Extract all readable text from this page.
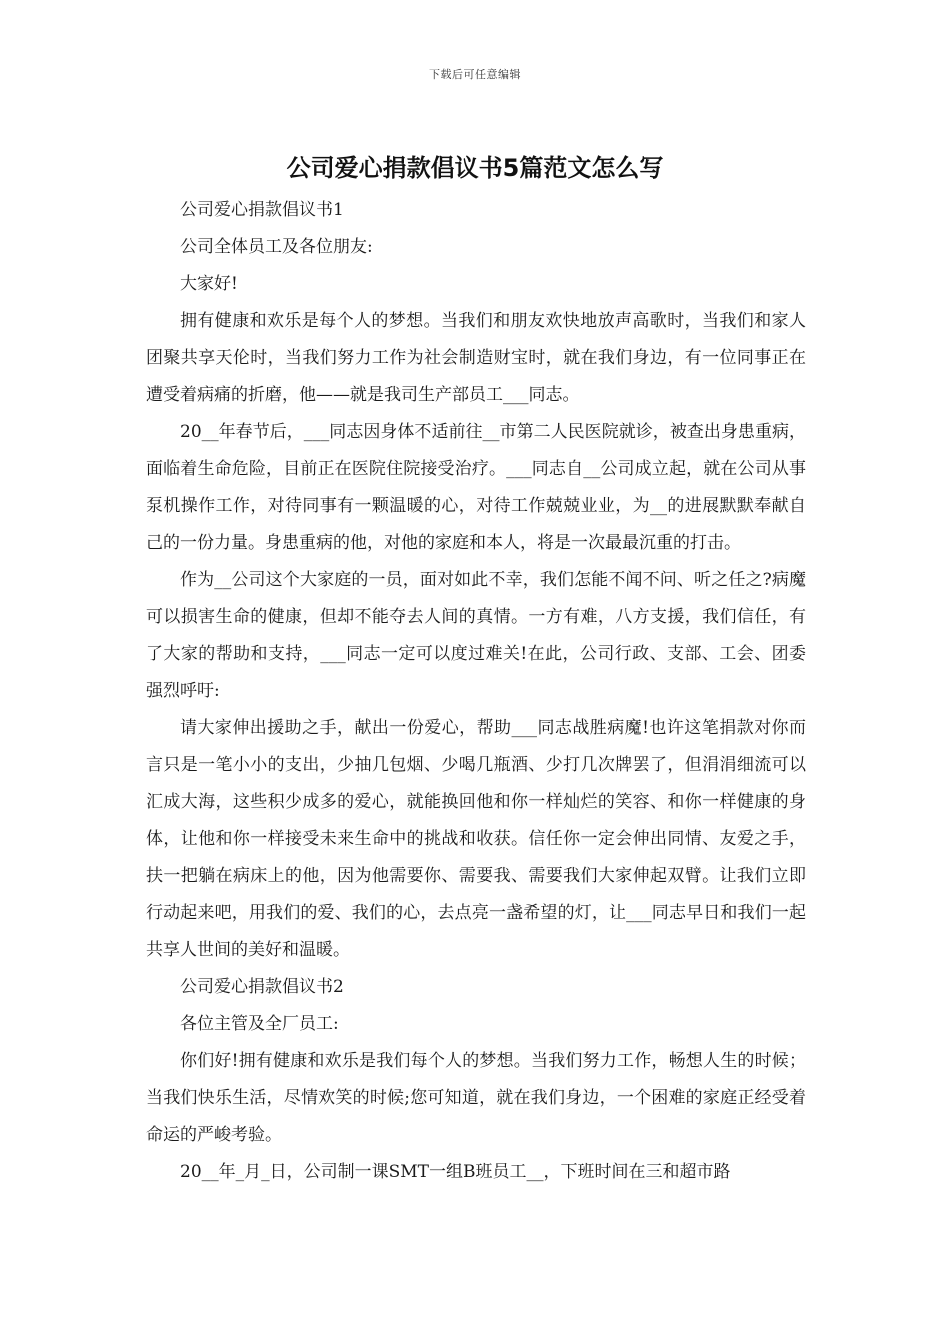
下载后可任意编辑
公司爱心捐款倡议书5篇范文怎么写

公司爱心捐款倡议书1

公司全体员工及各位朋友:

大家好!

拥有健康和欢乐是每个人的梦想。当我们和朋友欢快地放声高歌时，当我们和家人团聚共享天伦时，当我们努力工作为社会制造财宝时，就在我们身边，有一位同事正在遭受着病痛的折磨，他——就是我司生产部员工___同志。

20__年春节后，___同志因身体不适前往__市第二人民医院就诊，被查出身患重病，面临着生命危险，目前正在医院住院接受治疗。___同志自__公司成立起，就在公司从事泵机操作工作，对待同事有一颗温暖的心，对待工作兢兢业业，为__的进展默默奉献自己的一份力量。身患重病的他，对他的家庭和本人，将是一次最最沉重的打击。

作为__公司这个大家庭的一员，面对如此不幸，我们怎能不闻不问、听之任之?病魔可以损害生命的健康，但却不能夺去人间的真情。一方有难，八方支援，我们信任，有了大家的帮助和支持，___同志一定可以度过难关!在此，公司行政、支部、工会、团委强烈呼吁:

请大家伸出援助之手，献出一份爱心，帮助___同志战胜病魔!也许这笔捐款对你而言只是一笔小小的支出，少抽几包烟、少喝几瓶酒、少打几次牌罢了，但涓涓细流可以汇成大海，这些积少成多的爱心，就能换回他和你一样灿烂的笑容、和你一样健康的身体，让他和你一样接受未来生命中的挑战和收获。信任你一定会伸出同情、友爱之手，扶一把躺在病床上的他，因为他需要你、需要我、需要我们大家伸起双臂。让我们立即行动起来吧，用我们的爱、我们的心，去点亮一盏希望的灯，让___同志早日和我们一起共享人世间的美好和温暖。

公司爱心捐款倡议书2

各位主管及全厂员工:

你们好!拥有健康和欢乐是我们每个人的梦想。当我们努力工作，畅想人生的时候；当我们快乐生活，尽情欢笑的时候;您可知道，就在我们身边，一个困难的家庭正经受着命运的严峻考验。

20__年_月_日，公司制一课SMT一组B班员工__，下班时间在三和超市路
